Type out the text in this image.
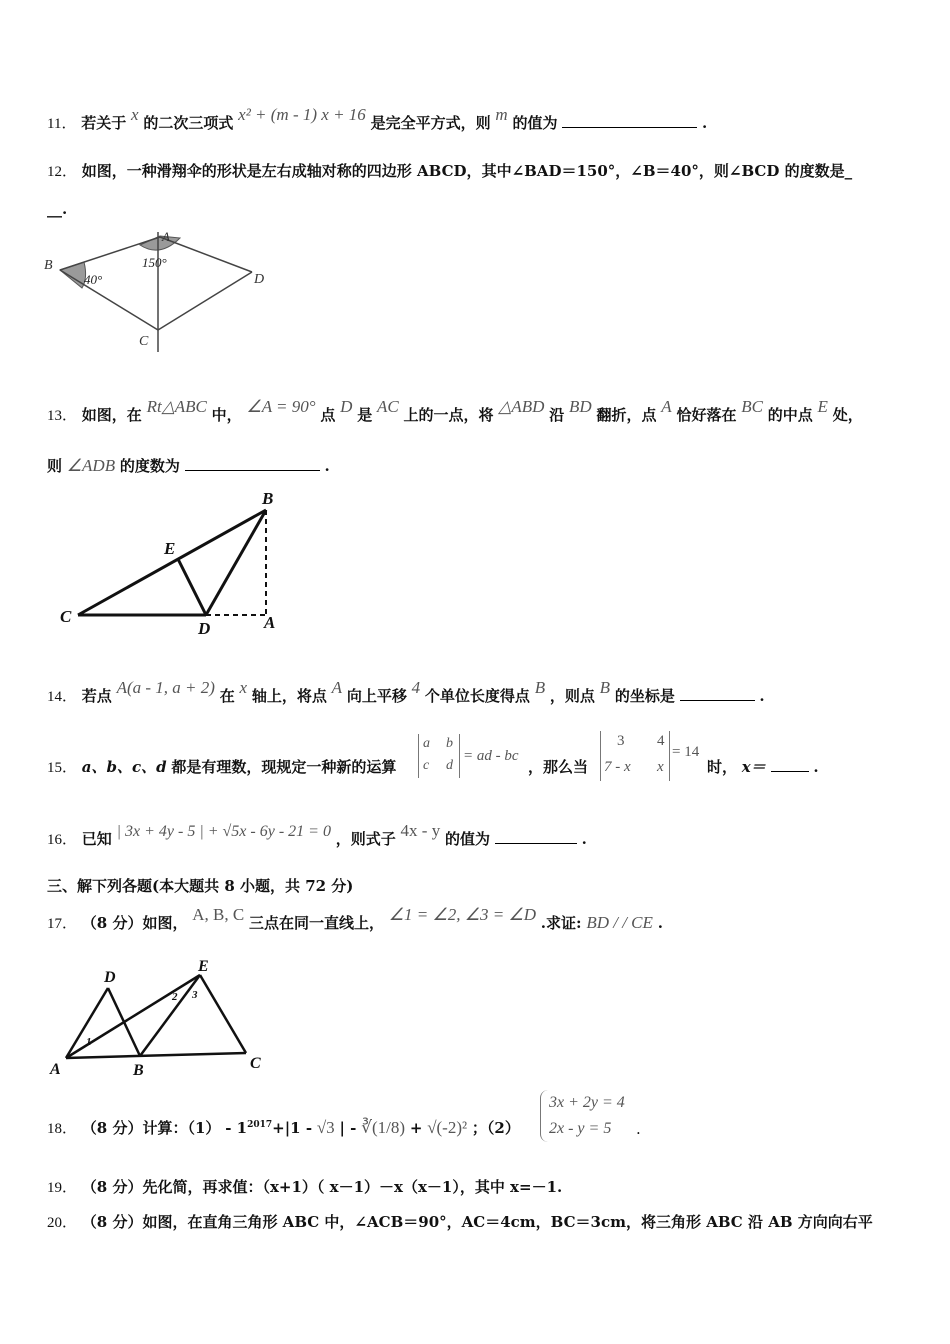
11． 若关于 x 的二次三项式 x² + (m - 1) x + 16 是完全平方式，则 m 的值为	.
12． 如图，一种滑翔伞的形状是左右成轴对称的四边形 ABCD，其中∠BAD＝150°，∠B＝40°，则∠BCD 的度数是_
__.
A
B
C
D
150°
40°
13． 如图，在 Rt△ABC 中， ∠A = 90° 点 D 是 AC 上的一点，将 △ABD 沿 BD 翻折，点 A 恰好落在 BC 的中点 E 处，
则 ∠ADB 的度数为	.
B
E
C
D	A
14． 若点 A(a - 1, a + 2) 在 x 轴上，将点 A 向上平移 4 个单位长度得点 B ，则点 B 的坐标是	.
15． a、b、c、d 都是有理数，现规定一种新的运算
a b
c d
= ad - bc
，那么当
3 4
7 - x x
= 14
时， x＝	.
16． 已知 | 3x + 4y - 5 | + √5x - 6y - 21 = 0 ，则式子 4x - y 的值为	.
三、解下列各题(本大题共 8 小题，共 72 分)
17． （8 分）如图， A, B, C 三点在同一直线上， ∠1 = ∠2, ∠3 = ∠D .求证: BD / / CE .
D
E
A	B	C
1
2 3
18． （8 分）计算：$(1) - 1^{2017}+|1 - √3$ | - ∛(1/8) + √(-2)² ；（2）
3x + 2y = 4
2x - y = 5	.
19． （8 分）先化简，再求值：（x+1）（ x－1）－x（x－1），其中 x=－1.
20． （8 分）如图，在直角三角形 ABC 中，∠ACB＝90°，AC＝4cm，BC＝3cm，将三角形 ABC 沿 AB 方向向右平
